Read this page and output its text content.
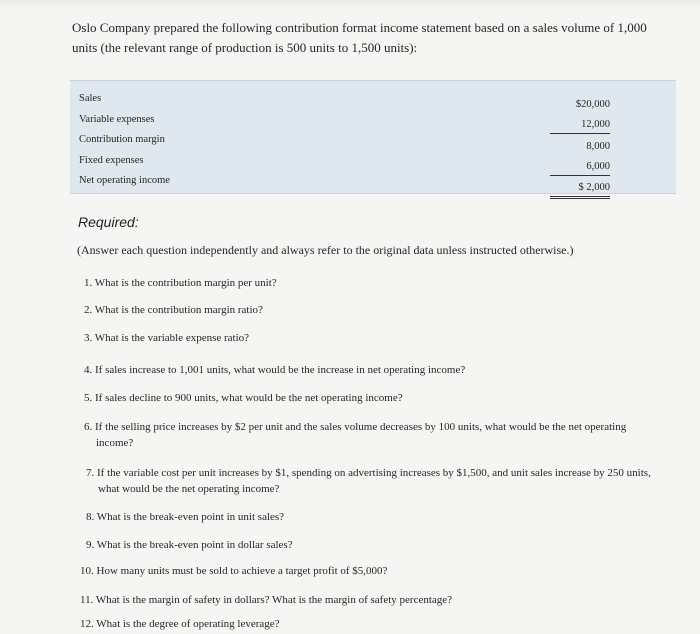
Oslo Company prepared the following contribution format income statement based on a sales volume of 1,000 units (the relevant range of production is 500 units to 1,500 units):
Sales
Variable expenses
Contribution margin
Fixed expenses
Net operating income
$20,000
12,000
8,000
6,000
$ 2,000
Required:
(Answer each question independently and always refer to the original data unless instructed otherwise.)
1. What is the contribution margin per unit?
2. What is the contribution margin ratio?
3. What is the variable expense ratio?
4. If sales increase to 1,001 units, what would be the increase in net operating income?
5. If sales decline to 900 units, what would be the net operating income?
6. If the selling price increases by $2 per unit and the sales volume decreases by 100 units, what would be the net operating income?
7. If the variable cost per unit increases by $1, spending on advertising increases by $1,500, and unit sales increase by 250 units, what would be the net operating income?
8. What is the break-even point in unit sales?
9. What is the break-even point in dollar sales?
10. How many units must be sold to achieve a target profit of $5,000?
11. What is the margin of safety in dollars? What is the margin of safety percentage?
12. What is the degree of operating leverage?
